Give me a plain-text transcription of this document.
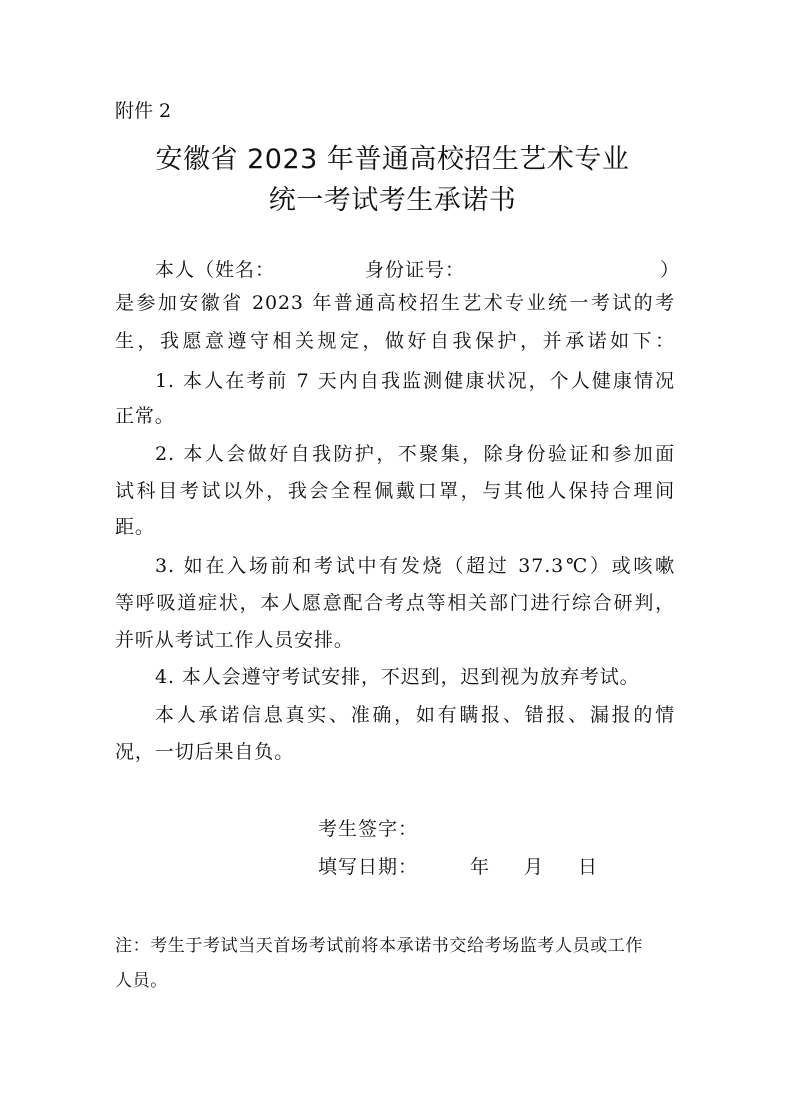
附件 2
安徽省 2023 年普通高校招生艺术专业
统一考试考生承诺书
本人（姓名：	身份证号：	）
是参加安徽省 2023 年普通高校招生艺术专业统一考试的考
生，我愿意遵守相关规定，做好自我保护，并承诺如下：
1. 本人在考前 7 天内自我监测健康状况，个人健康情况
正常。
2. 本人会做好自我防护，不聚集，除身份验证和参加面
试科目考试以外，我会全程佩戴口罩，与其他人保持合理间
距。
3. 如在入场前和考试中有发烧（超过 37.3℃）或咳嗽
等呼吸道症状，本人愿意配合考点等相关部门进行综合研判，
并听从考试工作人员安排。
4. 本人会遵守考试安排，不迟到，迟到视为放弃考试。
本人承诺信息真实、准确，如有瞒报、错报、漏报的情
况，一切后果自负。
考生签字：
填写日期：	年 月 日
注：考生于考试当天首场考试前将本承诺书交给考场监考人员或工作
人员。
